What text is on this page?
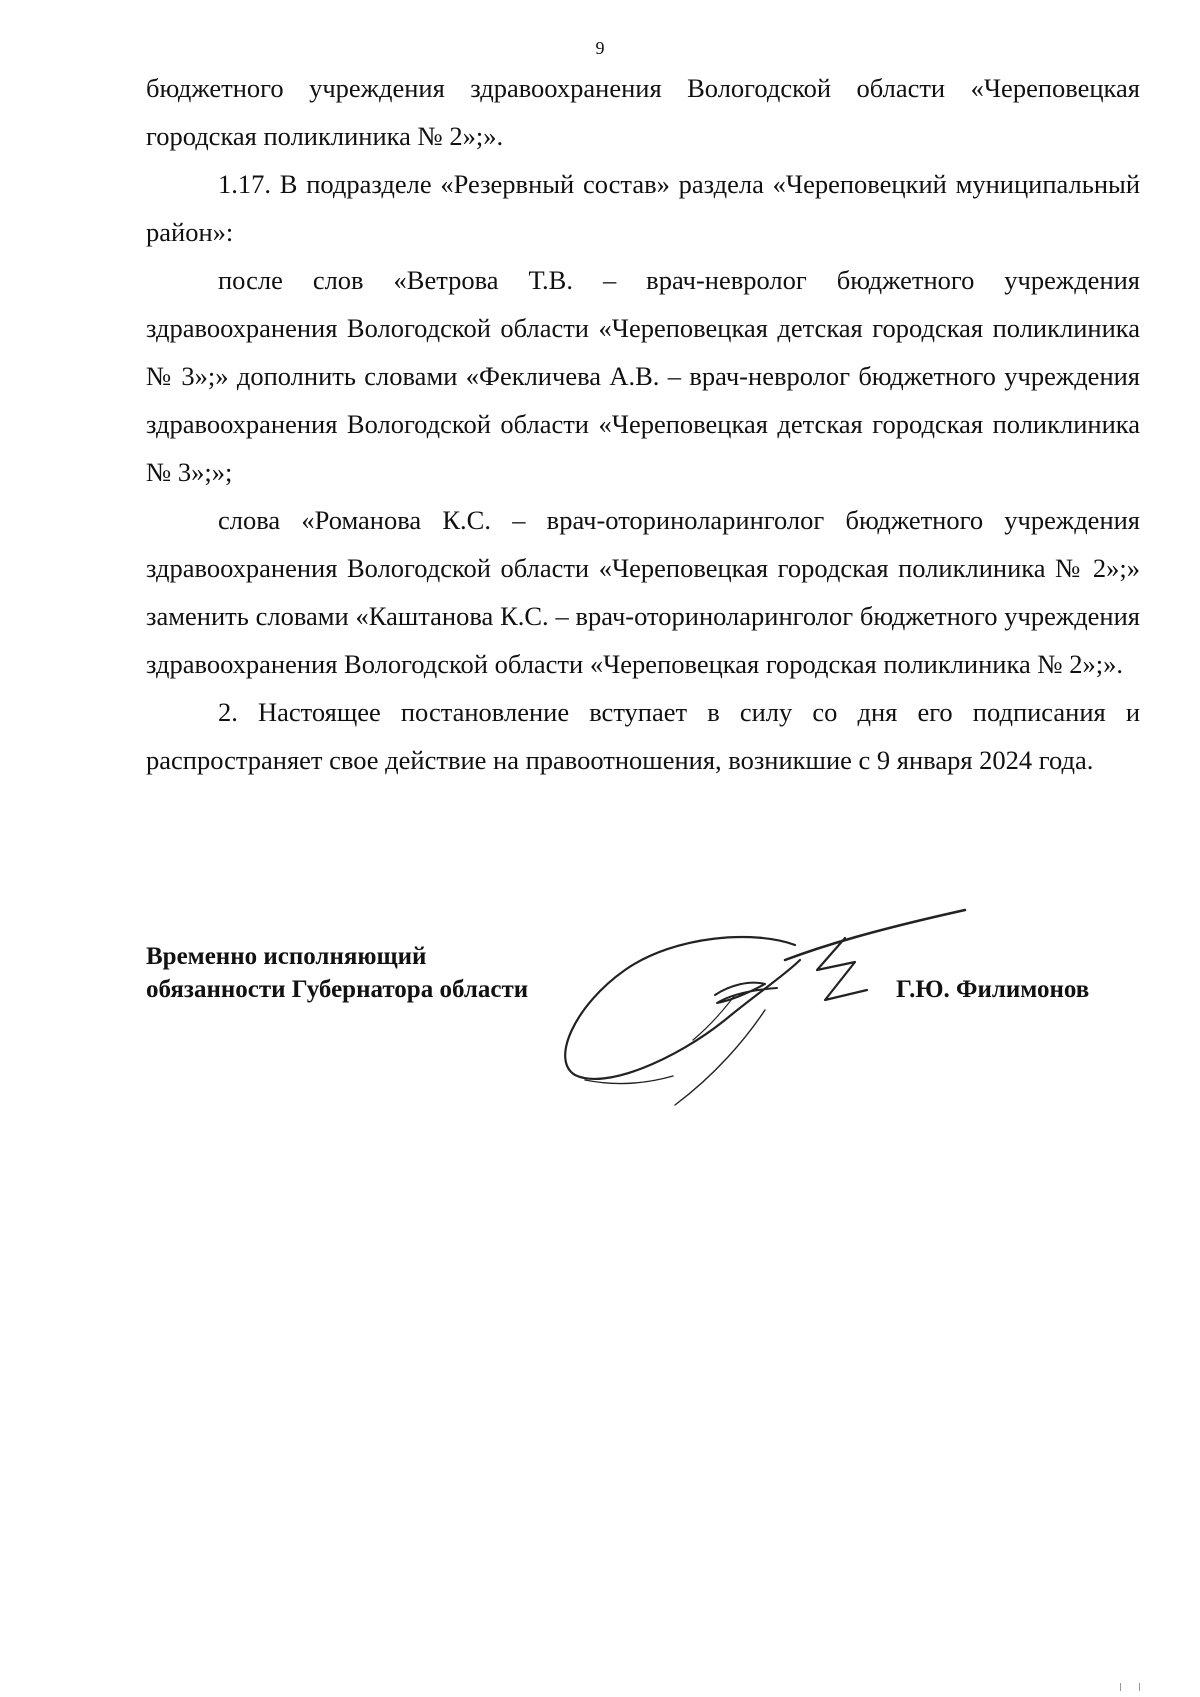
9

бюджетного учреждения здравоохранения Вологодской области «Череповецкая городская поликлиника № 2»;».

1.17. В подразделе «Резервный состав» раздела «Череповецкий муниципальный район»:

после слов «Ветрова Т.В. – врач-невролог бюджетного учреждения здравоохранения Вологодской области «Череповецкая детская городская поликлиника № 3»;» дополнить словами «Фекличева А.В. – врач-невролог бюджетного учреждения здравоохранения Вологодской области «Череповецкая детская городская поликлиника № 3»;»;

слова «Романова К.С. – врач-оториноларинголог бюджетного учреждения здравоохранения Вологодской области «Череповецкая городская поликлиника № 2»;» заменить словами «Каштанова К.С. – врач-оториноларинголог бюджетного учреждения здравоохранения Вологодской области «Череповецкая городская поликлиника № 2»;».

2. Настоящее постановление вступает в силу со дня его подписания и распространяет свое действие на правоотношения, возникшие с 9 января 2024 года.

Временно исполняющий
обязанности Губернатора области	Г.Ю. Филимонов
